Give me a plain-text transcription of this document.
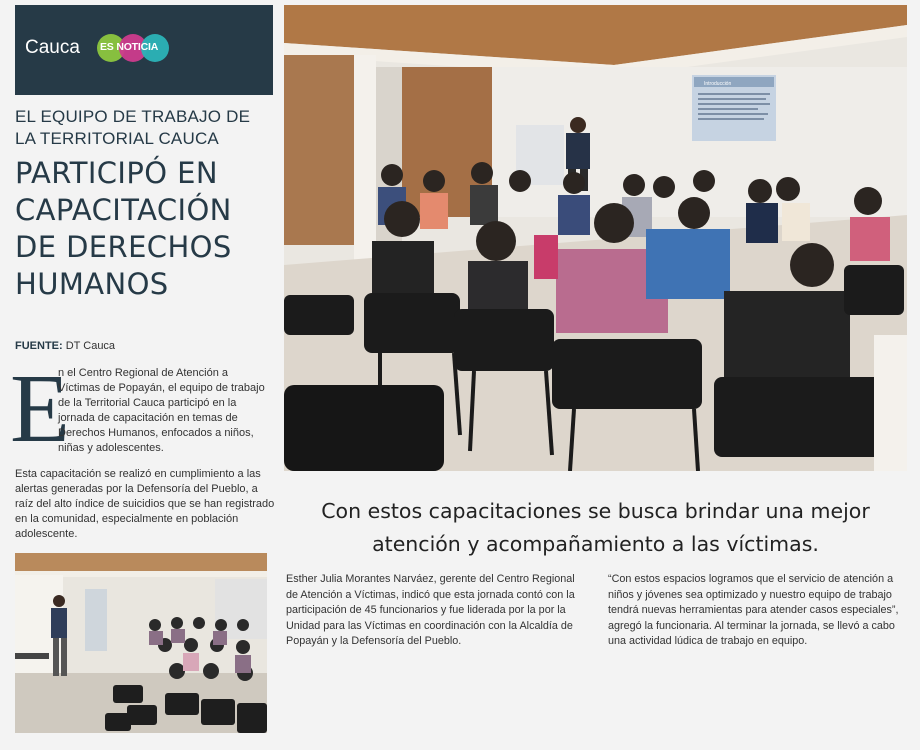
Cauca ES NOTICIA
EL EQUIPO DE TRABAJO DE LA TERRITORIAL CAUCA
PARTICIPÓ EN CAPACITACIÓN DE DERECHOS HUMANOS
FUENTE: DT Cauca
E
n el Centro Regional de Atención a Víctimas de Popayán, el equipo de trabajo de la Territorial Cauca participó en la jornada de capacitación en temas de Derechos Humanos, enfocados a niños, niñas y adolescentes.
Esta capacitación se realizó en cumplimiento a las alertas generadas por la Defensoría del Pueblo, a raíz del alto índice de suicidios que se han registrado en la comunidad, especialmente en población adolescente.
Introducción
Con estos capacitaciones se busca brindar una mejor atención y acompañamiento a las víctimas.
Esther Julia Morantes Narváez, gerente del Centro Regional de Atención a Víctimas, indicó que esta jornada contó con la participación de 45 funcionarios y fue liderada por la por la Unidad para las Víctimas en coordinación con la Alcaldía de Popayán y la Defensoría del Pueblo.
“Con estos espacios logramos que el servicio de atención a niños y jóvenes sea optimizado y nuestro equipo de trabajo tendrá nuevas herramientas para atender casos especiales”, agregó la funcionaria. Al terminar la jornada, se llevó a cabo una actividad lúdica de trabajo en equipo.
